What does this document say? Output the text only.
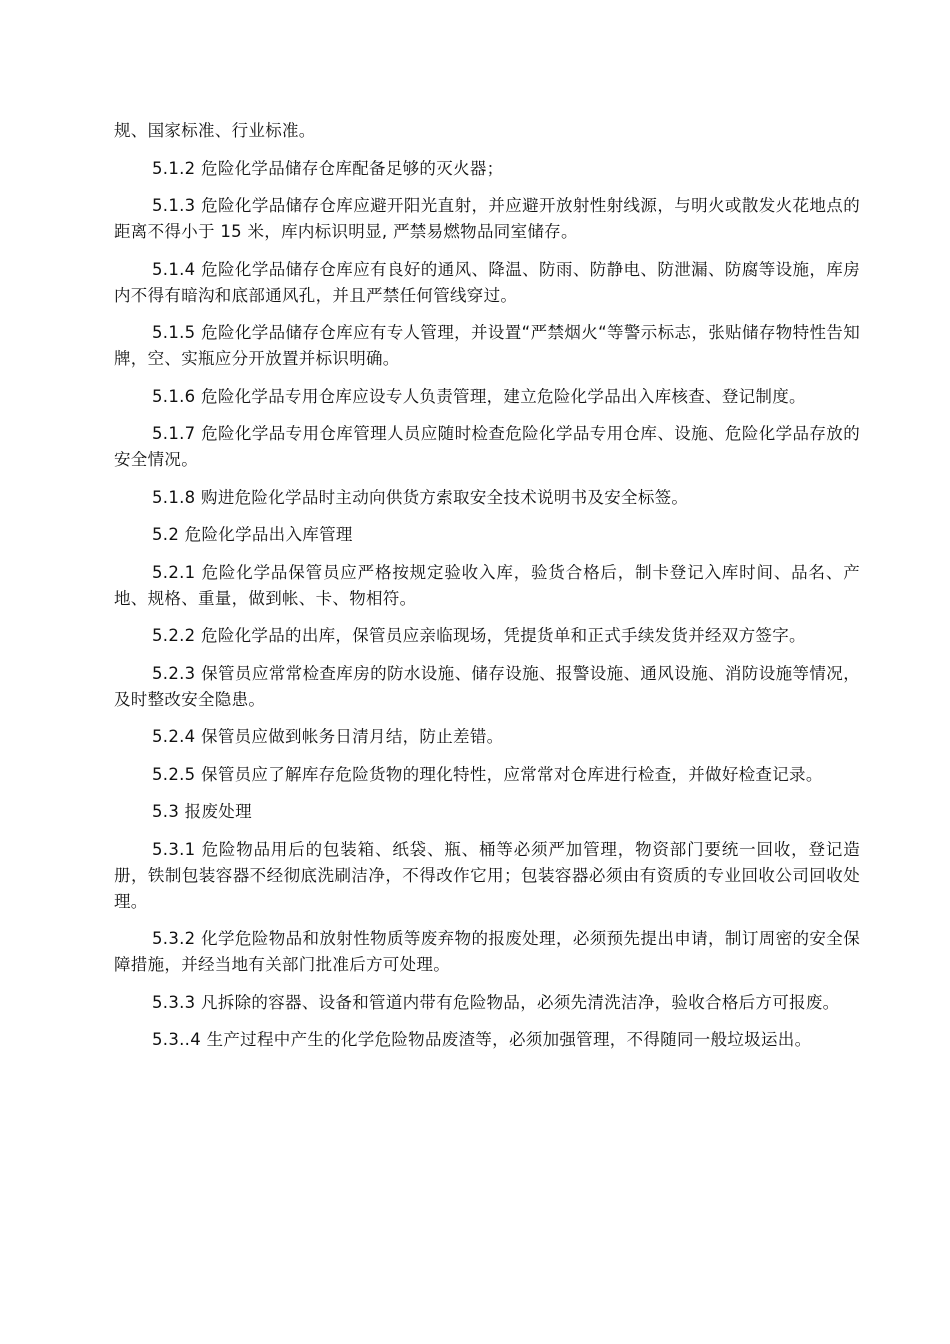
规、国家标准、行业标准。

5.1.2 危险化学品储存仓库配备足够的灭火器；

5.1.3 危险化学品储存仓库应避开阳光直射，并应避开放射性射线源，与明火或散发火花地点的距离不得小于 15 米，库内标识明显, 严禁易燃物品同室储存。

5.1.4 危险化学品储存仓库应有良好的通风、降温、防雨、防静电、防泄漏、防腐等设施，库房内不得有暗沟和底部通风孔，并且严禁任何管线穿过。

5.1.5 危险化学品储存仓库应有专人管理，并设置“严禁烟火“等警示标志，张贴储存物特性告知牌，空、实瓶应分开放置并标识明确。

5.1.6 危险化学品专用仓库应设专人负责管理，建立危险化学品出入库核查、登记制度。

5.1.7 危险化学品专用仓库管理人员应随时检查危险化学品专用仓库、设施、危险化学品存放的安全情况。

5.1.8 购进危险化学品时主动向供货方索取安全技术说明书及安全标签。

5.2 危险化学品出入库管理

5.2.1 危险化学品保管员应严格按规定验收入库，验货合格后，制卡登记入库时间、品名、产地、规格、重量，做到帐、卡、物相符。

5.2.2 危险化学品的出库，保管员应亲临现场，凭提货单和正式手续发货并经双方签字。

5.2.3 保管员应常常检查库房的防水设施、储存设施、报警设施、通风设施、消防设施等情况，及时整改安全隐患。

5.2.4 保管员应做到帐务日清月结，防止差错。

5.2.5 保管员应了解库存危险货物的理化特性，应常常对仓库进行检查，并做好检查记录。

5.3 报废处理

5.3.1 危险物品用后的包装箱、纸袋、瓶、桶等必须严加管理，物资部门要统一回收，登记造册，铁制包装容器不经彻底洗刷洁净，不得改作它用；包装容器必须由有资质的专业回收公司回收处理。

5.3.2 化学危险物品和放射性物质等废弃物的报废处理，必须预先提出申请，制订周密的安全保障措施，并经当地有关部门批准后方可处理。

5.3.3 凡拆除的容器、设备和管道内带有危险物品，必须先清洗洁净，验收合格后方可报废。

5.3..4 生产过程中产生的化学危险物品废渣等，必须加强管理，不得随同一般垃圾运出。
